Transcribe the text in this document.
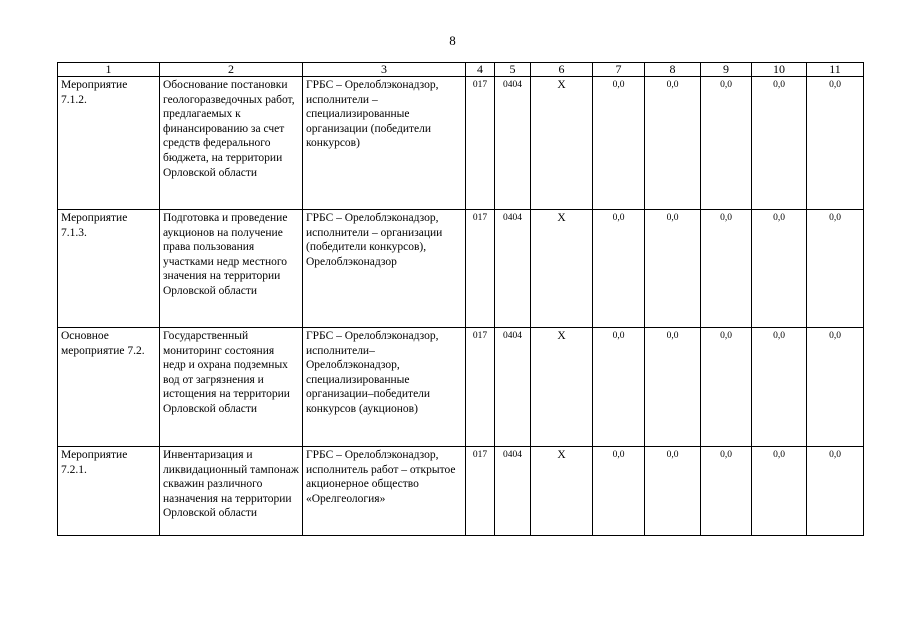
8
1	2	3	4	5	6	7	8	9	10	11
Мероприятие 7.1.2.	Обоснование постановки геологоразведочных работ, предлагаемых к финансированию за счет средств федерального бюджета, на территории Орловской области	ГРБС – Орелоблэконадзор, исполнители – специализированные организации (победители конкурсов)	017	0404	Х	0,0	0,0	0,0	0,0	0,0
Мероприятие 7.1.3.	Подготовка и проведение аукционов на получение права пользования участками недр местного значения на территории Орловской области	ГРБС – Орелоблэконадзор, исполнители – организации (победители конкурсов), Орелоблэконадзор	017	0404	Х	0,0	0,0	0,0	0,0	0,0
Основное мероприятие 7.2.	Государственный мониторинг состояния недр и охрана подземных вод от загрязнения и истощения на территории Орловской области	ГРБС – Орелоблэконадзор, исполнители– Орелоблэконадзор, специализированные организации–победители конкурсов (аукционов)	017	0404	Х	0,0	0,0	0,0	0,0	0,0
Мероприятие 7.2.1.	Инвентаризация и ликвидационный тампонаж скважин различного назначения на территории Орловской области	ГРБС – Орелоблэконадзор, исполнитель работ – открытое акционерное общество «Орелгеология»	017	0404	Х	0,0	0,0	0,0	0,0	0,0
